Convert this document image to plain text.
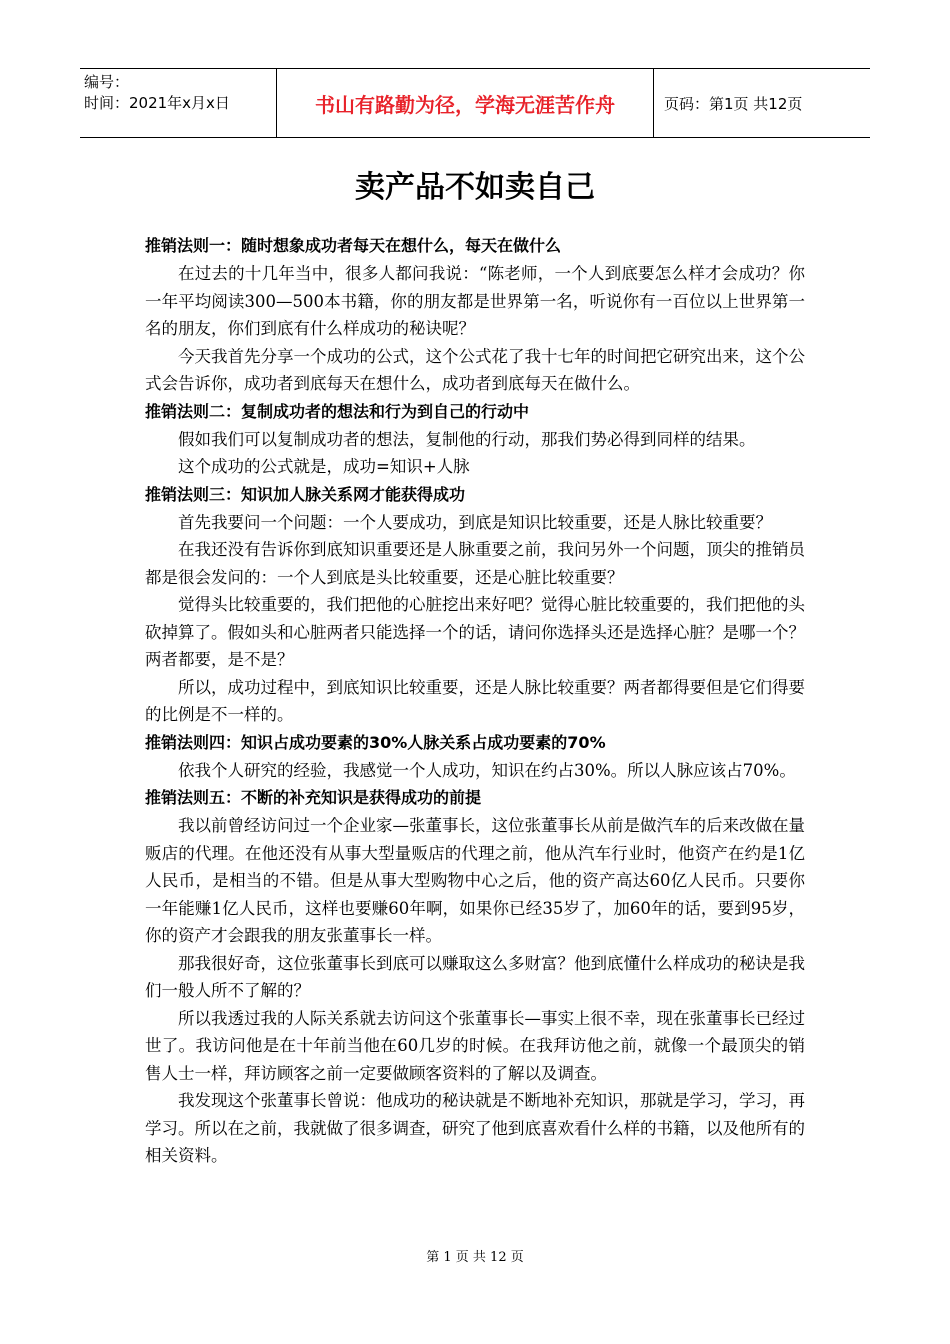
编号：
时间：2021年x月x日	书山有路勤为径，学海无涯苦作舟	页码：第1页 共12页
卖产品不如卖自己
推销法则一：随时想象成功者每天在想什么，每天在做什么

在过去的十几年当中，很多人都问我说：“陈老师，一个人到底要怎么样才会成功？你一年平均阅读300—500本书籍，你的朋友都是世界第一名，听说你有一百位以上世界第一名的朋友，你们到底有什么样成功的秘诀呢？

今天我首先分享一个成功的公式，这个公式花了我十七年的时间把它研究出来，这个公式会告诉你，成功者到底每天在想什么，成功者到底每天在做什么。

推销法则二：复制成功者的想法和行为到自己的行动中

假如我们可以复制成功者的想法，复制他的行动，那我们势必得到同样的结果。

这个成功的公式就是，成功=知识+人脉

推销法则三：知识加人脉关系网才能获得成功

首先我要问一个问题：一个人要成功，到底是知识比较重要，还是人脉比较重要？

在我还没有告诉你到底知识重要还是人脉重要之前，我问另外一个问题，顶尖的推销员都是很会发问的：一个人到底是头比较重要，还是心脏比较重要？

觉得头比较重要的，我们把他的心脏挖出来好吧？觉得心脏比较重要的，我们把他的头砍掉算了。假如头和心脏两者只能选择一个的话，请问你选择头还是选择心脏？是哪一个？两者都要，是不是？

所以，成功过程中，到底知识比较重要，还是人脉比较重要？两者都得要但是它们得要的比例是不一样的。

推销法则四：知识占成功要素的30%人脉关系占成功要素的70%

依我个人研究的经验，我感觉一个人成功，知识在约占30%。所以人脉应该占70%。

推销法则五：不断的补充知识是获得成功的前提

我以前曾经访问过一个企业家—张董事长，这位张董事长从前是做汽车的后来改做在量贩店的代理。在他还没有从事大型量贩店的代理之前，他从汽车行业时，他资产在约是1亿人民币，是相当的不错。但是从事大型购物中心之后，他的资产高达60亿人民币。只要你一年能赚1亿人民币，这样也要赚60年啊，如果你已经35岁了，加60年的话，要到95岁，你的资产才会跟我的朋友张董事长一样。

那我很好奇，这位张董事长到底可以赚取这么多财富？他到底懂什么样成功的秘诀是我们一般人所不了解的？

所以我透过我的人际关系就去访问这个张董事长—事实上很不幸，现在张董事长已经过世了。我访问他是在十年前当他在60几岁的时候。在我拜访他之前，就像一个最顶尖的销售人士一样，拜访顾客之前一定要做顾客资料的了解以及调查。

我发现这个张董事长曾说：他成功的秘诀就是不断地补充知识，那就是学习，学习，再学习。所以在之前，我就做了很多调查，研究了他到底喜欢看什么样的书籍，以及他所有的相关资料。

第 1 页 共 12 页
